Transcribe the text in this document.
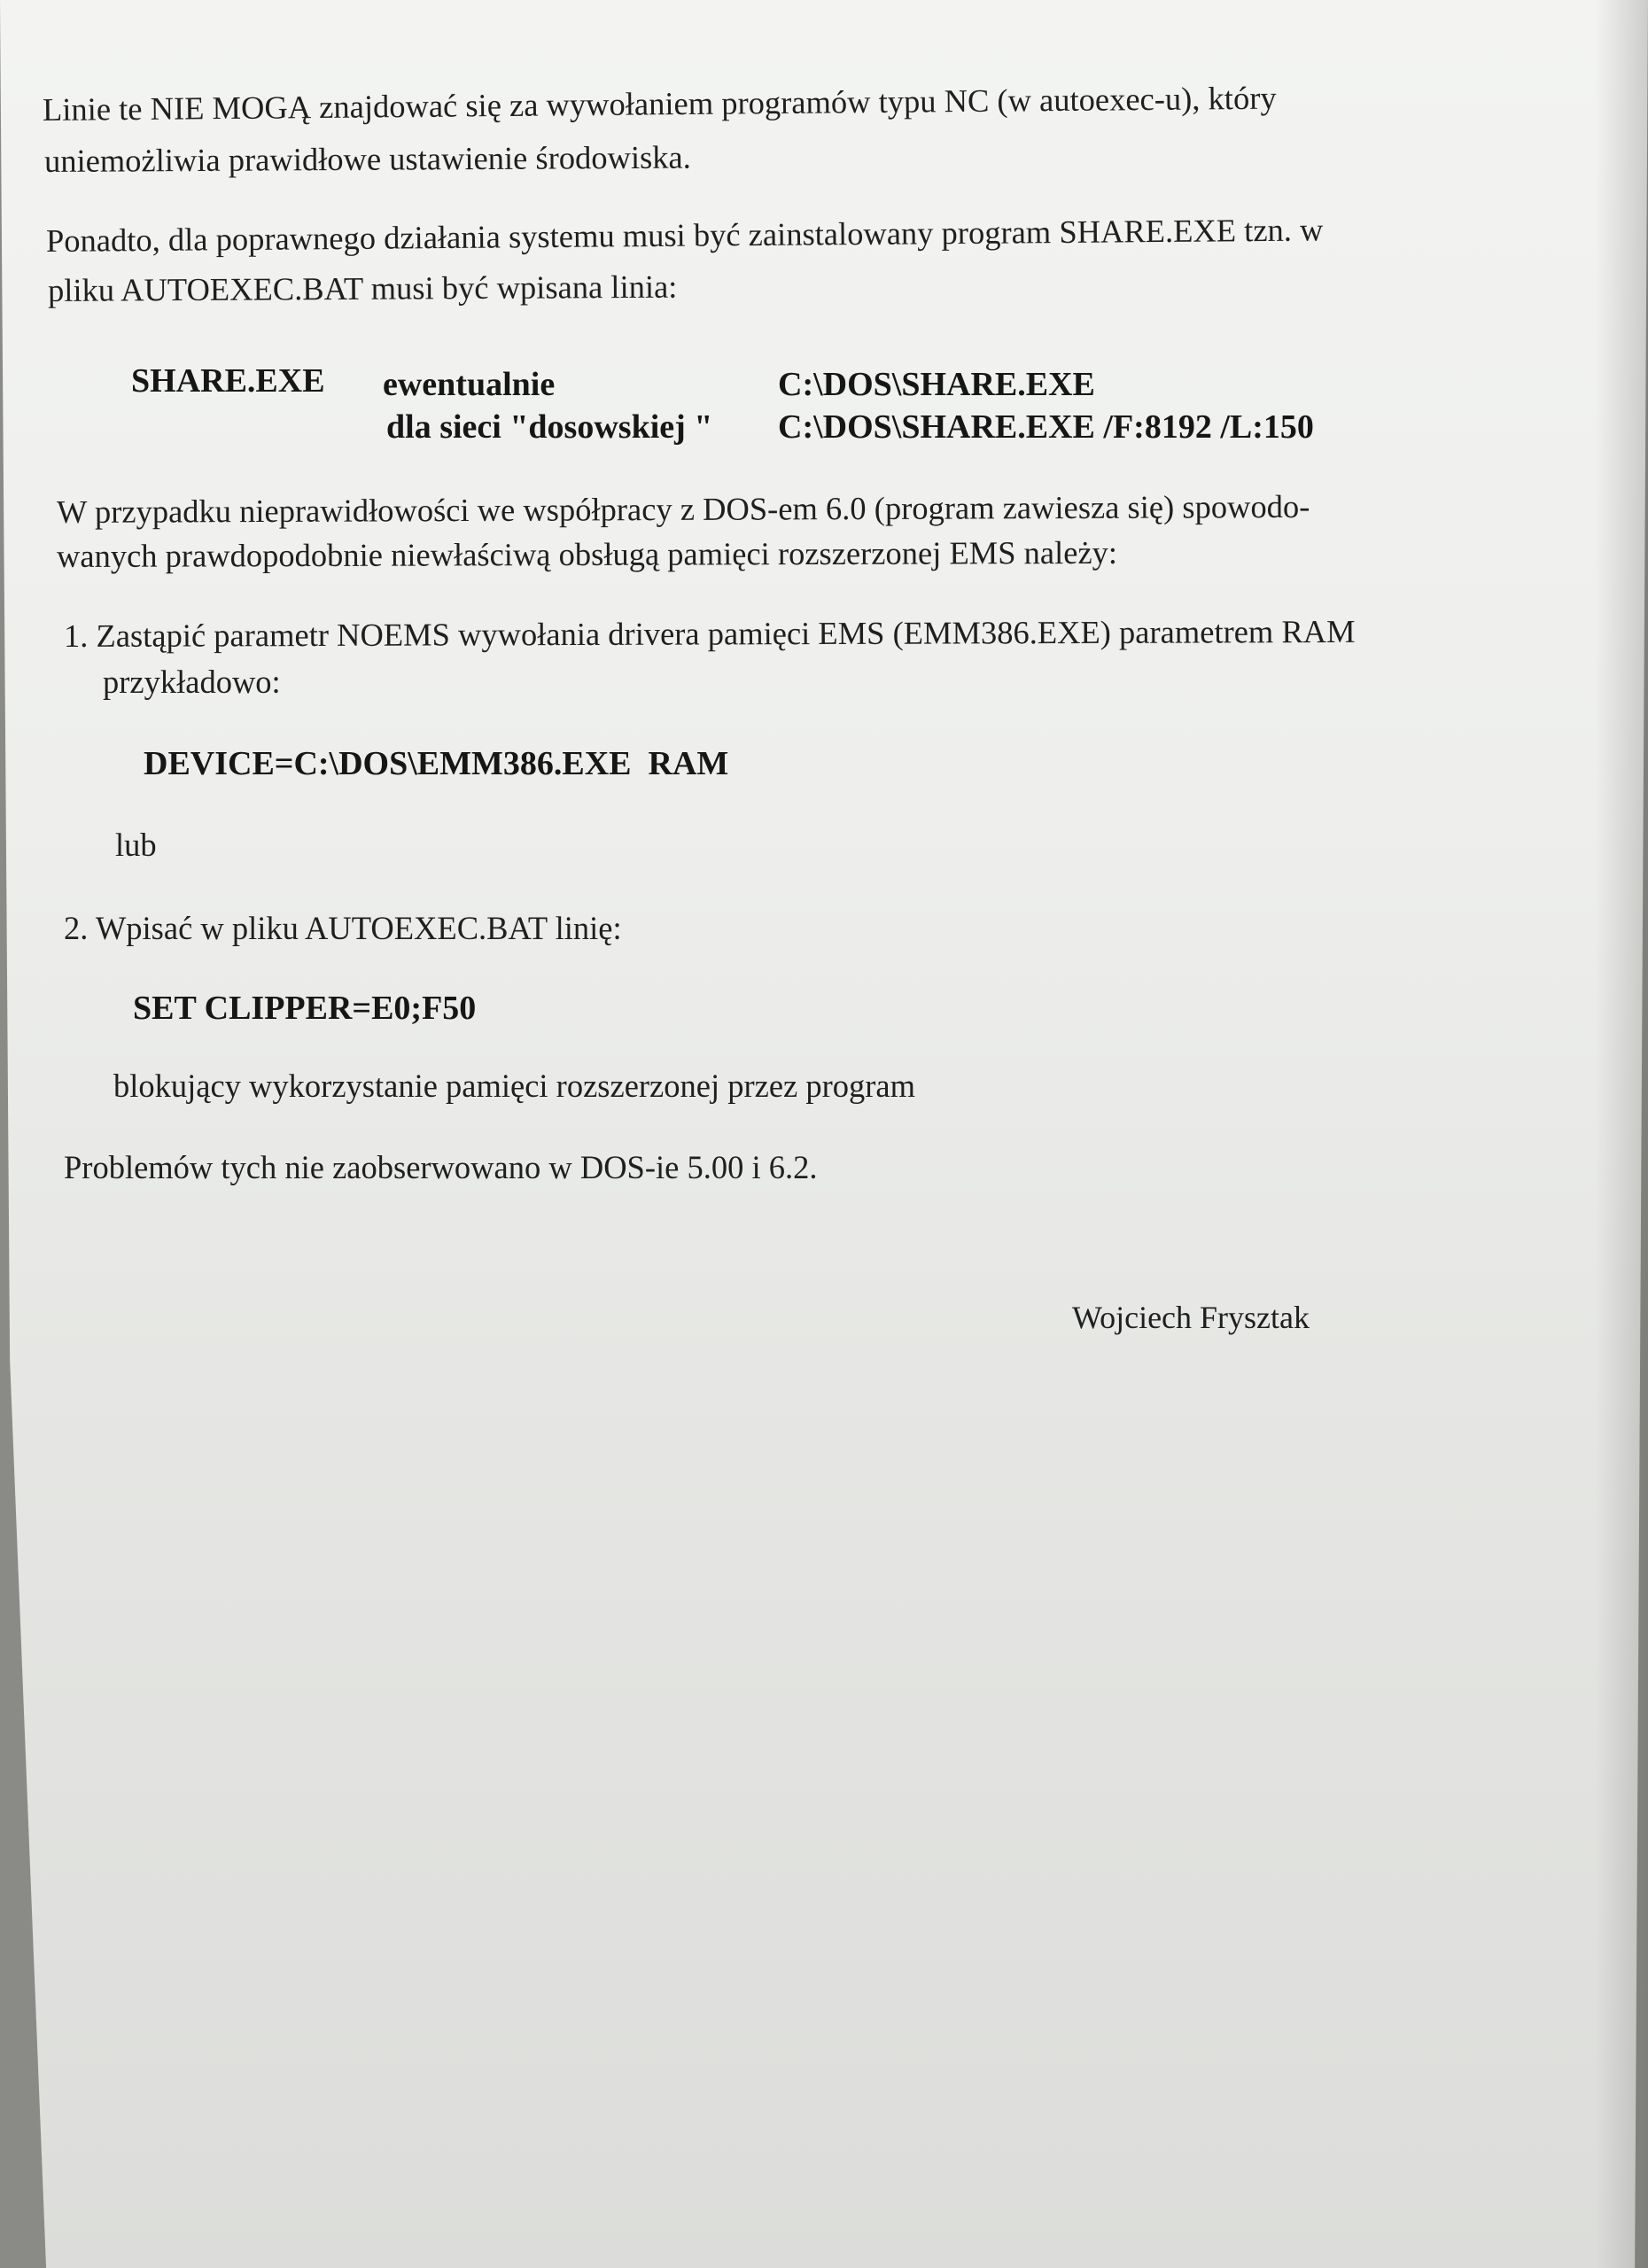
Linie te NIE MOGĄ znajdować się za wywołaniem programów typu NC (w autoexec-u), który
uniemożliwia prawidłowe ustawienie środowiska.
Ponadto, dla poprawnego działania systemu musi być zainstalowany program SHARE.EXE tzn. w
pliku AUTOEXEC.BAT musi być wpisana linia:
SHARE.EXE ewentualnie	C:\DOS\SHARE.EXE
dla sieci "dosowskiej " C:\DOS\SHARE.EXE /F:8192 /L:150
W przypadku nieprawidłowości we współpracy z DOS-em 6.0 (program zawiesza się) spowodo-
wanych prawdopodobnie niewłaściwą obsługą pamięci rozszerzonej EMS należy:
1. Zastąpić parametr NOEMS wywołania drivera pamięci EMS (EMM386.EXE) parametrem RAM
przykładowo:
DEVICE=C:\DOS\EMM386.EXE  RAM
lub
2. Wpisać w pliku AUTOEXEC.BAT linię:
SET CLIPPER=E0;F50
blokujący wykorzystanie pamięci rozszerzonej przez program
Problemów tych nie zaobserwowano w DOS-ie 5.00 i 6.2.
Wojciech Frysztak
